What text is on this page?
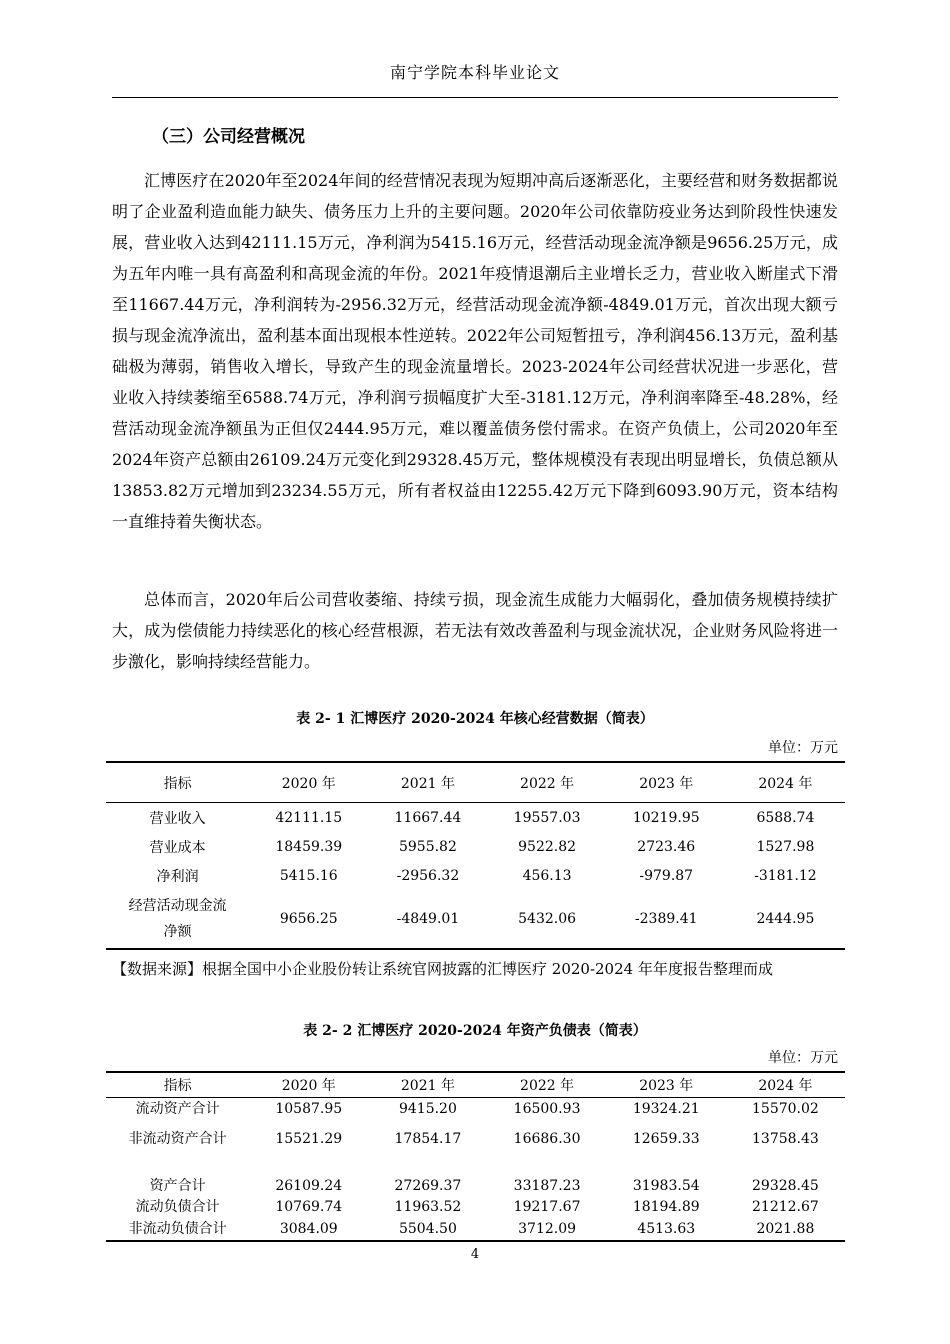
南宁学院本科毕业论文
（三）公司经营概况

汇博医疗在2020年至2024年间的经营情况表现为短期冲高后逐渐恶化，主要经营和财务数据都说明了企业盈利造血能力缺失、债务压力上升的主要问题。2020年公司依靠防疫业务达到阶段性快速发展，营业收入达到42111.15万元，净利润为5415.16万元，经营活动现金流净额是9656.25万元，成为五年内唯一具有高盈利和高现金流的年份。2021年疫情退潮后主业增长乏力，营业收入断崖式下滑至11667.44万元，净利润转为-2956.32万元，经营活动现金流净额-4849.01万元，首次出现大额亏损与现金流净流出，盈利基本面出现根本性逆转。2022年公司短暂扭亏，净利润456.13万元，盈利基础极为薄弱，销售收入增长，导致产生的现金流量增长。2023-2024年公司经营状况进一步恶化，营业收入持续萎缩至6588.74万元，净利润亏损幅度扩大至-3181.12万元，净利润率降至-48.28%，经营活动现金流净额虽为正但仅2444.95万元，难以覆盖债务偿付需求。在资产负债上，公司2020年至2024年资产总额由26109.24万元变化到29328.45万元，整体规模没有表现出明显增长，负债总额从13853.82万元增加到23234.55万元，所有者权益由12255.42万元下降到6093.90万元，资本结构一直维持着失衡状态。

总体而言，2020年后公司营收萎缩、持续亏损，现金流生成能力大幅弱化，叠加债务规模持续扩大，成为偿债能力持续恶化的核心经营根源，若无法有效改善盈利与现金流状况，企业财务风险将进一步激化，影响持续经营能力。

表 2- 1 汇博医疗 2020-2024 年核心经营数据（简表）
单位：万元
指标	2020 年	2021 年	2022 年	2023 年	2024 年
营业收入	42111.15	11667.44	19557.03	10219.95	6588.74
营业成本	18459.39	5955.82	9522.82	2723.46	1527.98
净利润	5415.16	-2956.32	456.13	-979.87	-3181.12
经营活动现金流净额	9656.25	-4849.01	5432.06	-2389.41	2444.95
【数据来源】根据全国中小企业股份转让系统官网披露的汇博医疗 2020-2024 年年度报告整理而成
表 2- 2 汇博医疗 2020-2024 年资产负债表（简表）
单位：万元
指标	2020 年	2021 年	2022 年	2023 年	2024 年
流动资产合计	10587.95	9415.20	16500.93	19324.21	15570.02
非流动资产合计	15521.29	17854.17	16686.30	12659.33	13758.43
资产合计	26109.24	27269.37	33187.23	31983.54	29328.45
流动负债合计	10769.74	11963.52	19217.67	18194.89	21212.67
非流动负债合计	3084.09	5504.50	3712.09	4513.63	2021.88
4
